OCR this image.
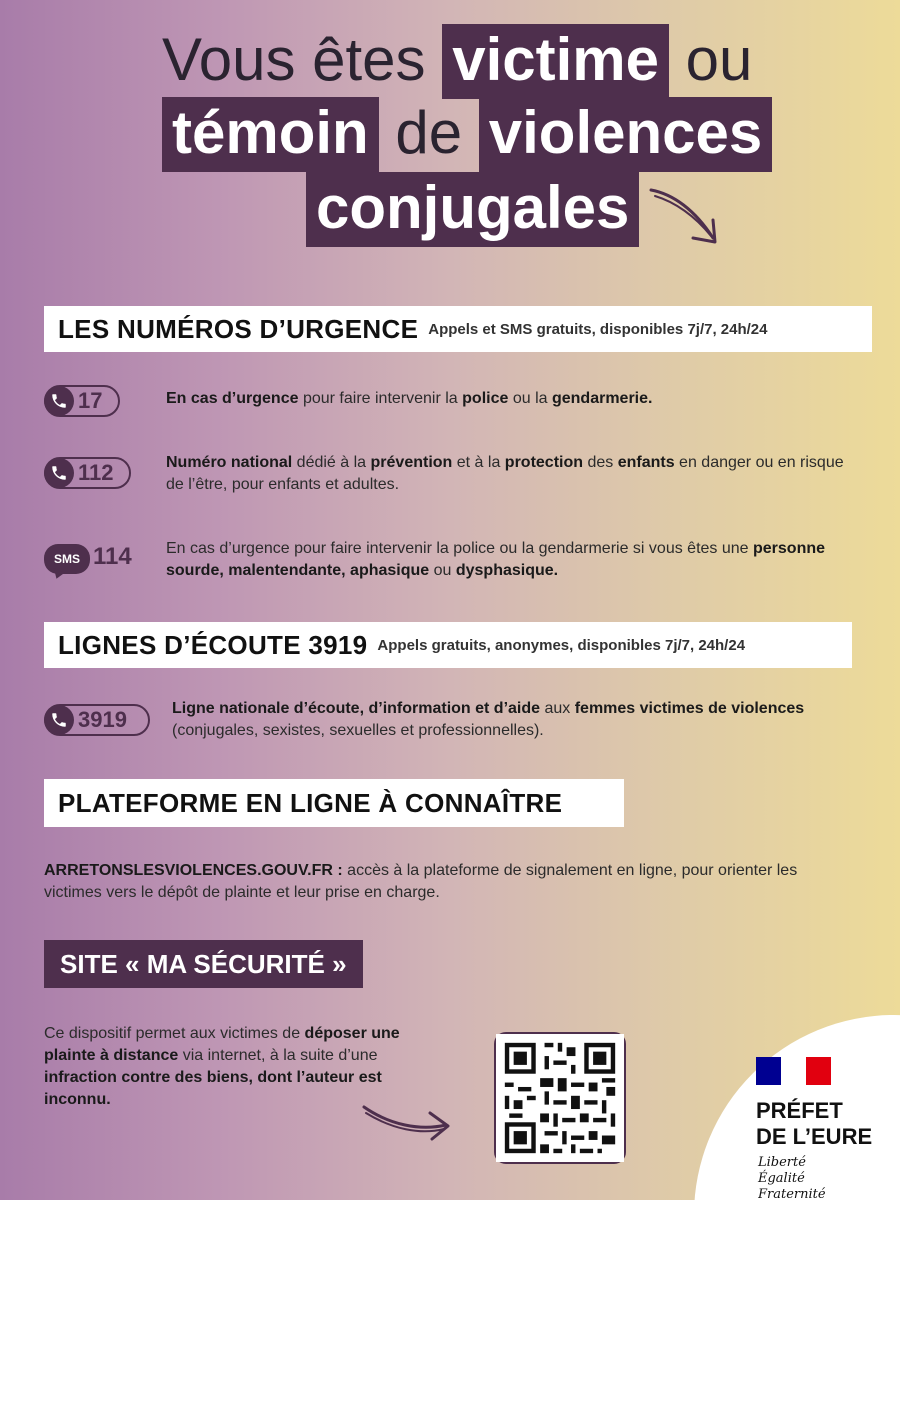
Vous êtes victime ou
témoin de violences
conjugales
LES NUMÉROS D’URGENCE Appels et SMS gratuits, disponibles 7j/7, 24h/24
17	En cas d’urgence pour faire intervenir la police ou la gendarmerie.
112	Numéro national dédié à la prévention et à la protection des enfants en danger ou en risque de l’être, pour enfants et adultes.
SMS 114 En cas d’urgence pour faire intervenir la police ou la gendarmerie si vous êtes une personne sourde, malentendante, aphasique ou dysphasique.
LIGNES D’ÉCOUTE 3919 Appels gratuits, anonymes, disponibles 7j/7, 24h/24
3919	Ligne nationale d’écoute, d’information et d’aide aux femmes victimes de violences (conjugales, sexistes, sexuelles et professionnelles).
PLATEFORME EN LIGNE À CONNAÎTRE
ARRETONSLESVIOLENCES.GOUV.FR : accès à la plateforme de signalement en ligne, pour orienter les victimes vers le dépôt de plainte et leur prise en charge.
SITE « MA SÉCURITÉ »
Ce dispositif permet aux victimes de déposer une plainte à distance via internet, à la suite d’une infraction contre des biens, dont l’auteur est inconnu.	PRÉFET
DE L’EURE
Liberté
Égalité
Fraternité
